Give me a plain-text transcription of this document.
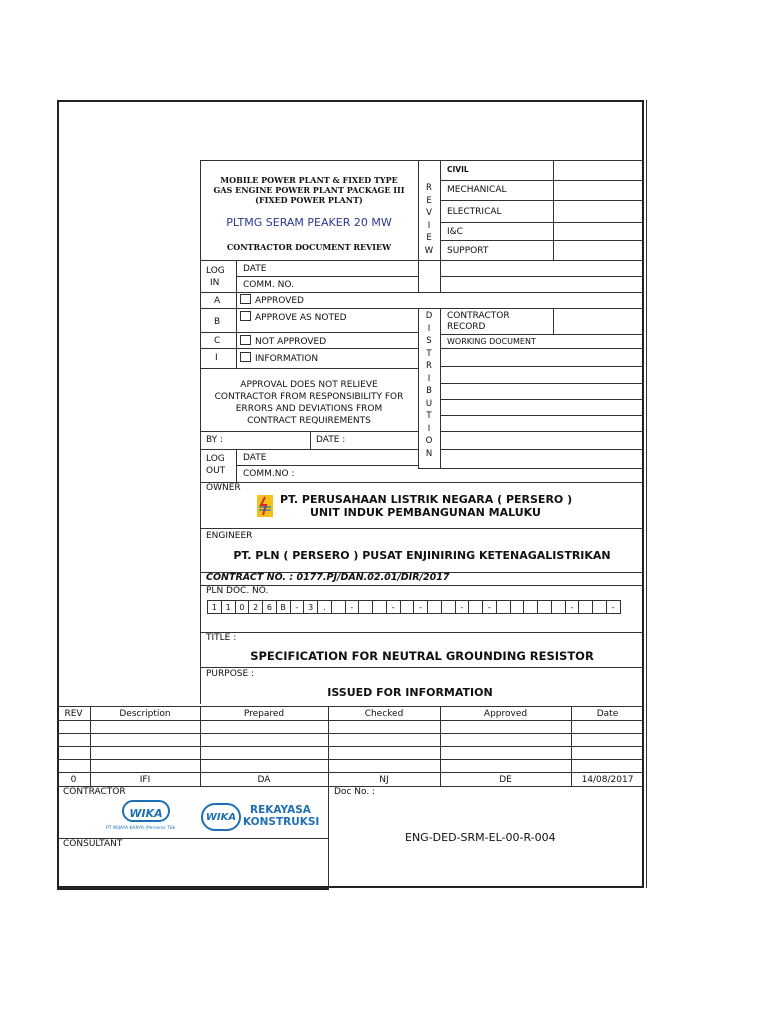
MOBILE POWER PLANT & FIXED TYPE
GAS ENGINE POWER PLANT PACKAGE III
(FIXED POWER PLANT)
PLTMG SERAM PEAKER 20 MW
CONTRACTOR DOCUMENT REVIEW
R
E
V
I
E
W
CIVIL
MECHANICAL
ELECTRICAL
I&C
SUPPORT
LOG
IN
DATE
COMM. NO.
A	APPROVED
B	APPROVE AS NOTED
C	NOT APPROVED
I	INFORMATION
CONTRACTOR
RECORD
WORKING DOCUMENT
D
I
S
T
R
I
B
U
T
I
O
N
APPROVAL DOES NOT RELIEVE
CONTRACTOR FROM RESPONSIBILITY FOR
ERRORS AND DEVIATIONS FROM
CONTRACT REQUIREMENTS
BY :	DATE :
LOG
OUT
DATE
COMM.NO :
OWNER
PT. PERUSAHAAN LISTRIK NEGARA ( PERSERO )
UNIT INDUK PEMBANGUNAN MALUKU
ENGINEER
PT. PLN ( PERSERO ) PUSAT ENJINIRING KETENAGALISTRIKAN
CONTRACT NO. : 0177.PJ/DAN.02.01/DIR/2017
PLN DOC. NO.
1	1	0	2	6	B	-	3	.	-	-	-	-	-	-	-
TITLE :
SPECIFICATION FOR NEUTRAL GROUNDING RESISTOR
PURPOSE :
ISSUED FOR INFORMATION
REV	Description	Prepared	Checked	Approved	Date
0	IFI	DA	NJ	DE	14/08/2017
CONTRACTOR
CONSULTANT
Doc No. :
ENG-DED-SRM-EL-00-R-004
WIKA
PT WIJAYA KARYA (Persero) Tbk
WIKA
REKAYASA
KONSTRUKSI
